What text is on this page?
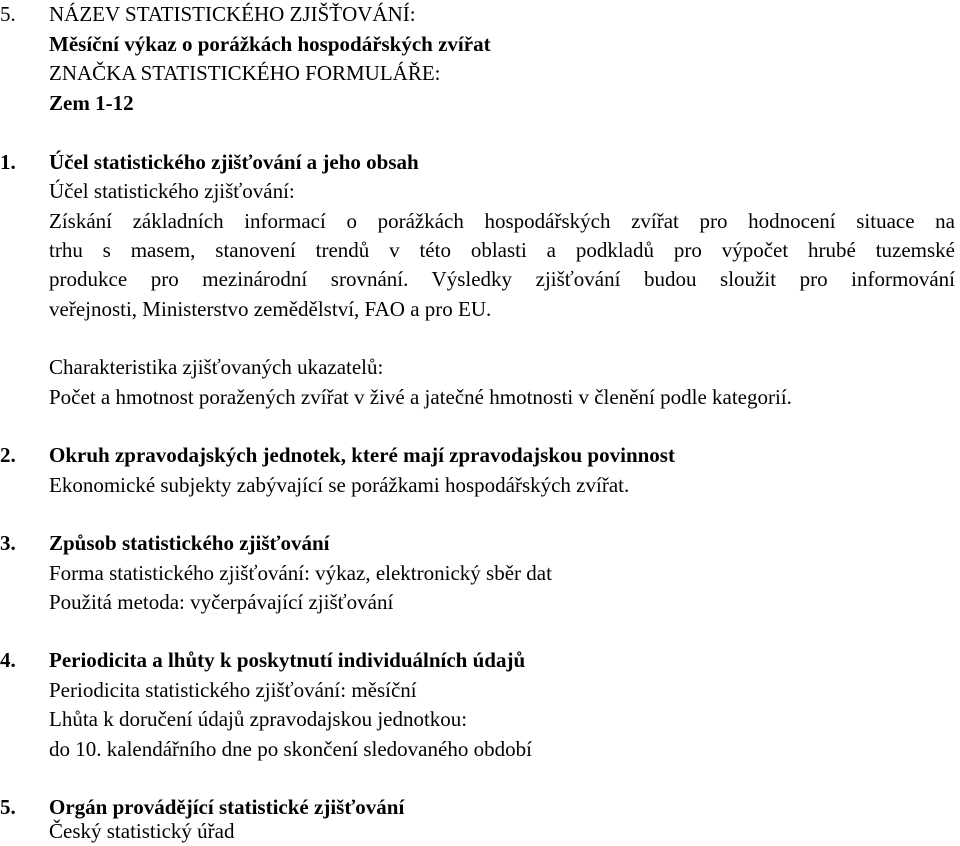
5. NÁZEV STATISTICKÉHO ZJIŠŤOVÁNÍ:
Měsíční výkaz o porážkách hospodářských zvířat
ZNAČKA STATISTICKÉHO FORMULÁŘE:
Zem 1-12
1. Účel statistického zjišťování a jeho obsah
Účel statistického zjišťování:
Získání základních informací o porážkách hospodářských zvířat pro hodnocení situace na
trhu s masem, stanovení trendů v této oblasti a podkladů pro výpočet hrubé tuzemské
produkce pro mezinárodní srovnání. Výsledky zjišťování budou sloužit pro informování
veřejnosti, Ministerstvo zemědělství, FAO a pro EU.
Charakteristika zjišťovaných ukazatelů:
Počet a hmotnost poražených zvířat v živé a jatečné hmotnosti v členění podle kategorií.
2. Okruh zpravodajských jednotek, které mají zpravodajskou povinnost
Ekonomické subjekty zabývající se porážkami hospodářských zvířat.
3. Způsob statistického zjišťování
Forma statistického zjišťování: výkaz, elektronický sběr dat
Použitá metoda: vyčerpávající zjišťování
4. Periodicita a lhůty k poskytnutí individuálních údajů
Periodicita statistického zjišťování: měsíční
Lhůta k doručení údajů zpravodajskou jednotkou:
do 10. kalendářního dne po skončení sledovaného období
5. Orgán provádějící statistické zjišťování
Český statistický úřad
